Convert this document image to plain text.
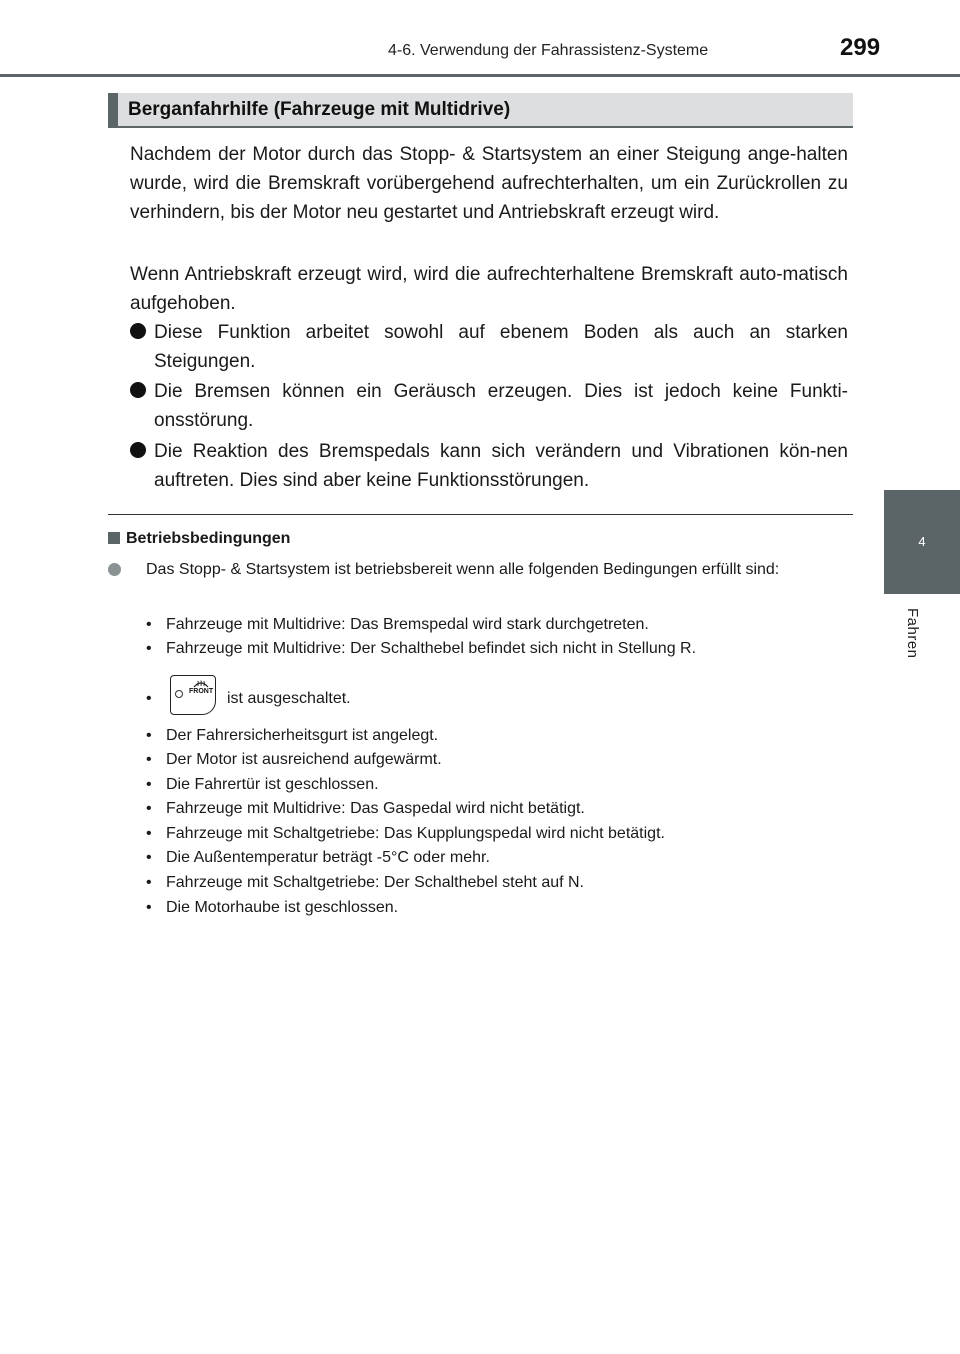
4-6. Verwendung der Fahrassistenz-Systeme	299
4
Fahren
Berganfahrhilfe (Fahrzeuge mit Multidrive)

Nachdem der Motor durch das Stopp- & Startsystem an einer Steigung ange-halten wurde, wird die Bremskraft vorübergehend aufrechterhalten, um ein Zurückrollen zu verhindern, bis der Motor neu gestartet und Antriebskraft erzeugt wird.

Wenn Antriebskraft erzeugt wird, wird die aufrechterhaltene Bremskraft auto-matisch aufgehoben.

Diese Funktion arbeitet sowohl auf ebenem Boden als auch an starken Steigungen.
Die Bremsen können ein Geräusch erzeugen. Dies ist jedoch keine Funkti-onsstörung.
Die Reaktion des Bremspedals kann sich verändern und Vibrationen kön-nen auftreten. Dies sind aber keine Funktionsstörungen.
Betriebsbedingungen
Das Stopp- & Startsystem ist betriebsbereit wenn alle folgenden Bedingungen erfüllt sind:
• Fahrzeuge mit Multidrive: Das Bremspedal wird stark durchgetreten.
• Fahrzeuge mit Multidrive: Der Schalthebel befindet sich nicht in Stellung R.
•	FRONT ist ausgeschaltet.
• Der Fahrersicherheitsgurt ist angelegt.
• Der Motor ist ausreichend aufgewärmt.
• Die Fahrertür ist geschlossen.
• Fahrzeuge mit Multidrive: Das Gaspedal wird nicht betätigt.
• Fahrzeuge mit Schaltgetriebe: Das Kupplungspedal wird nicht betätigt.
• Die Außentemperatur beträgt -5°C oder mehr.
• Fahrzeuge mit Schaltgetriebe: Der Schalthebel steht auf N.
• Die Motorhaube ist geschlossen.
